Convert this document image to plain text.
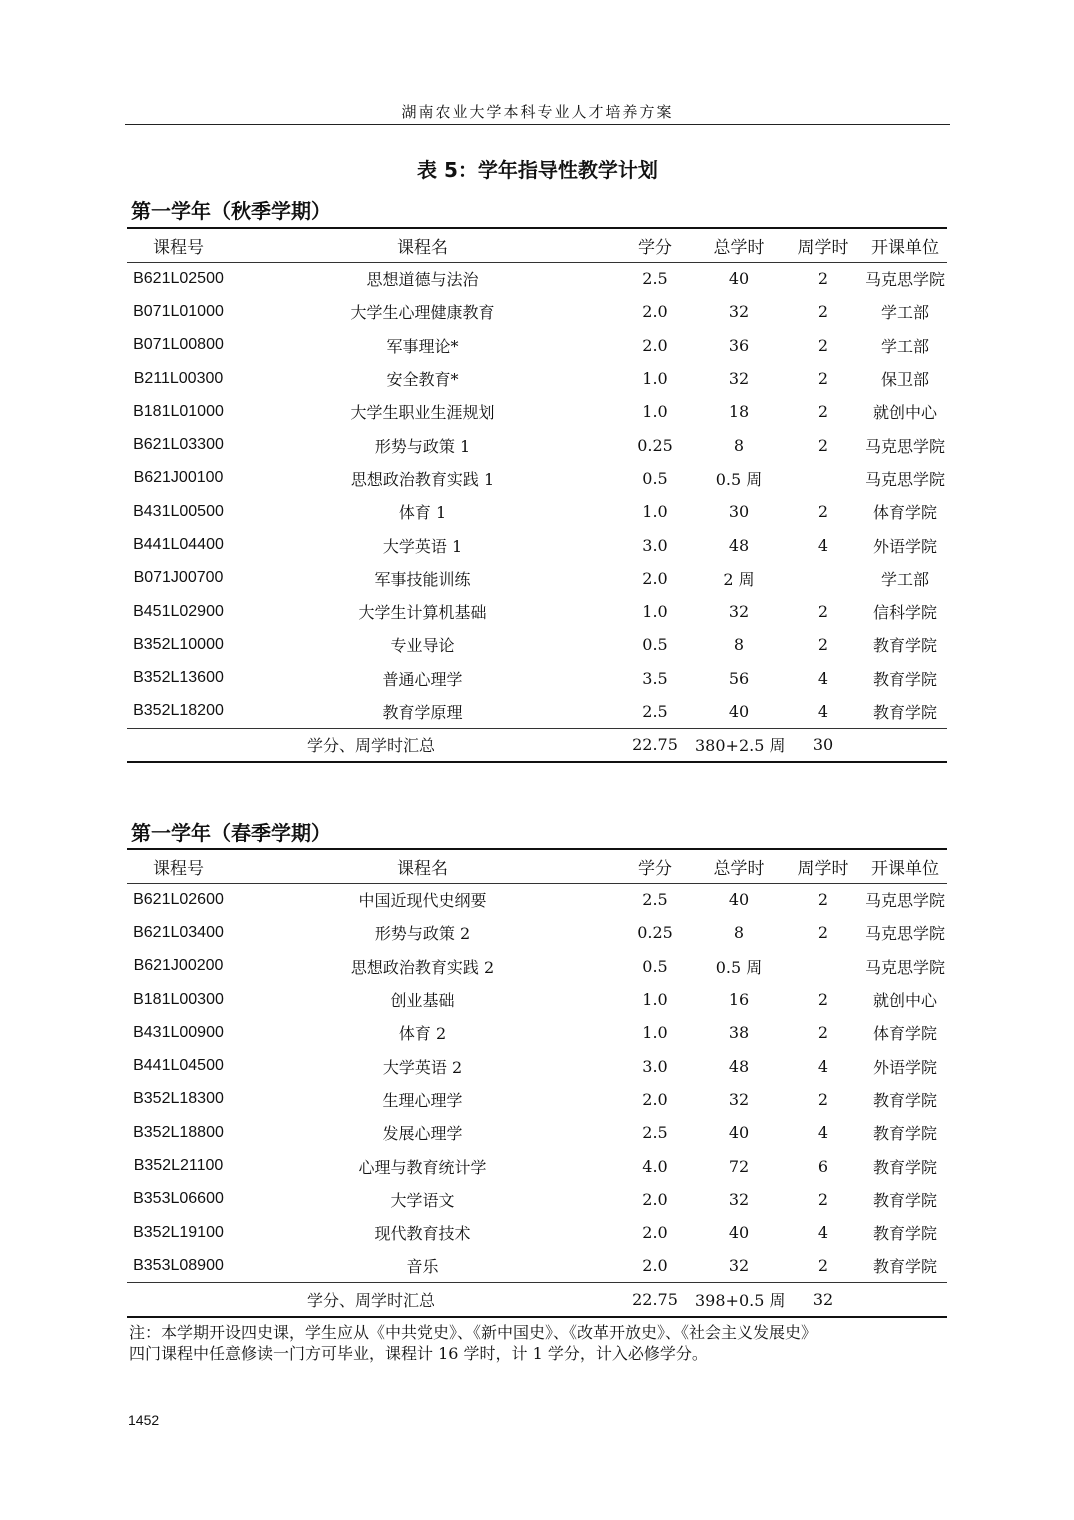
湖南农业大学本科专业人才培养方案
表 5：学年指导性教学计划
第一学年（秋季学期）
课程号	课程名	学分	总学时	周学时	开课单位
B621L02500	思想道德与法治	2.5	40	2	马克思学院
B071L01000	大学生心理健康教育	2.0	32	2	学工部
B071L00800	军事理论*	2.0	36	2	学工部
B211L00300	安全教育*	1.0	32	2	保卫部
B181L01000	大学生职业生涯规划	1.0	18	2	就创中心
B621L03300	形势与政策 1	0.25	8	2	马克思学院
B621J00100	思想政治教育实践 1	0.5	0.5 周		马克思学院
B431L00500	体育 1	1.0	30	2	体育学院
B441L04400	大学英语 1	3.0	48	4	外语学院
B071J00700	军事技能训练	2.0	2 周		学工部
B451L02900	大学生计算机基础	1.0	32	2	信科学院
B352L10000	专业导论	0.5	8	2	教育学院
B352L13600	普通心理学	3.5	56	4	教育学院
B352L18200	教育学原理	2.5	40	4	教育学院
学分、周学时汇总		22.75	380+2.5 周	30	
第一学年（春季学期）
课程号	课程名	学分	总学时	周学时	开课单位
B621L02600	中国近现代史纲要	2.5	40	2	马克思学院
B621L03400	形势与政策 2	0.25	8	2	马克思学院
B621J00200	思想政治教育实践 2	0.5	0.5 周		马克思学院
B181L00300	创业基础	1.0	16	2	就创中心
B431L00900	体育 2	1.0	38	2	体育学院
B441L04500	大学英语 2	3.0	48	4	外语学院
B352L18300	生理心理学	2.0	32	2	教育学院
B352L18800	发展心理学	2.5	40	4	教育学院
B352L21100	心理与教育统计学	4.0	72	6	教育学院
B353L06600	大学语文	2.0	32	2	教育学院
B352L19100	现代教育技术	2.0	40	4	教育学院
B353L08900	音乐	2.0	32	2	教育学院
学分、周学时汇总		22.75	398+0.5 周	32	
注：本学期开设四史课，学生应从《中共党史》、《新中国史》、《改革开放史》、《社会主义发展史》
四门课程中任意修读一门方可毕业，课程计 16 学时，计 1 学分，计入必修学分。
1452
